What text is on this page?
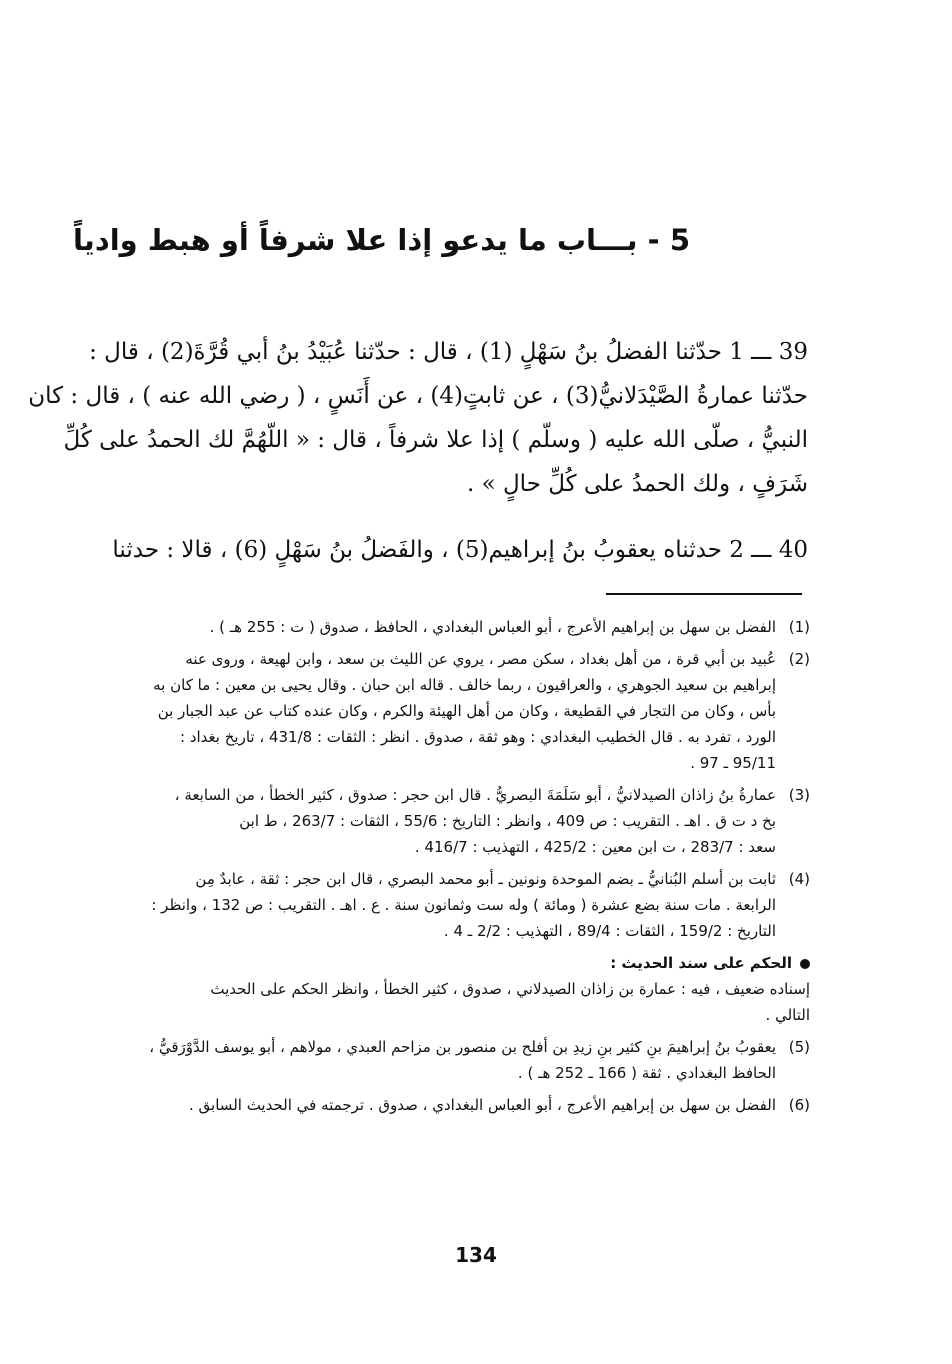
5 - بـــاب ما يدعو إذا علا شرفاً أو هبط وادياً
39 ـــ 1 حدّثنا الفضلُ بنُ سَهْلٍ (1) ، قال : حدّثنا عُبَيْدُ بنُ أبي قُرَّةَ(2) ، قال :
حدّثنا عمارةُ الصَّيْدَلانيُّ(3) ، عن ثابتٍ(4) ، عن أَنَسٍ ، ( رضي الله عنه ) ، قال : كان
النبيُّ ، صلّى الله عليه ( وسلّم ) إذا علا شرفاً ، قال : « اللّهُمَّ لك الحمدُ على كُلِّ
شَرَفٍ ، ولك الحمدُ على كُلِّ حالٍ » .
40 ـــ 2 حدثناه يعقوبُ بنُ إبراهيم(5) ، والفَضلُ بنُ سَهْلٍ (6) ، قالا : حدثنا
(1)
الفضل بن سهل بن إبراهيم الأعرج ، أبو العباس البغدادي ، الحافظ ، صدوق ( ت : 255 هـ ) .
(2)
عُبيد بن أبي قرة ، من أهل بغداد ، سكن مصر ، يروي عن الليث بن سعد ، وابن لهيعة ، وروى عنه
إبراهيم بن سعيد الجوهري ، والعراقيون ، ربما خالف . قاله ابن حبان . وقال يحيى بن معين : ما كان به
بأس ، وكان من التجار في القطيعة ، وكان من أهل الهيئة والكرم ، وكان عنده كتاب عن عبد الجبار بن
الورد ، تفرد به . قال الخطيب البغدادي : وهو ثقة ، صدوق . انظر : الثقات : 431/8 ، تاريخ بغداد :
95/11 ـ 97 .
(3)
عمارةُ بنُ زاذان الصيدلانيُّ ، أبو سَلَمَةَ البصريُّ . قال ابن حجر : صدوق ، كثير الخطأ ، من السابعة ،
بخ د ت ق . اهـ . التقريب : ص 409 ، وانظر : التاريخ : 55/6 ، الثقات : 263/7 ، ط ابن
سعد : 283/7 ، ت ابن معين : 425/2 ، التهذيب : 416/7 .
(4)
ثابت بن أسلم البُنانيُّ ـ بضم الموحدة ونونين ـ أبو محمد البصري ، قال ابن حجر : ثقة ، عابدٌ مِن
الرابعة . مات سنة بضع عشرة ( ومائة ) وله ست وثمانون سنة . ع . اهـ . التقريب : ص 132 ، وانظر :
التاريخ : 159/2 ، الثقات : 89/4 ، التهذيب : 2/2 ـ 4 .
الحكم على سند الحديث :
إسناده ضعيف ، فيه : عمارة بن زاذان الصيدلاني ، صدوق ، كثير الخطأ ، وانظر الحكم على الحديث
التالي .
(5)
يعقوبُ بنُ إبراهيمَ بنِ كثير بنِ زيدِ بن أفلح بن منصور بن مزاحم العبدي ، مولاهم ، أبو يوسف الدَّوْرَقيُّ ،
الحافظ البغدادي . ثقة ( 166 ـ 252 هـ ) .
(6)
الفضل بن سهل بن إبراهيم الأعرج ، أبو العباس البغدادي ، صدوق . ترجمته في الحديث السابق .
134
